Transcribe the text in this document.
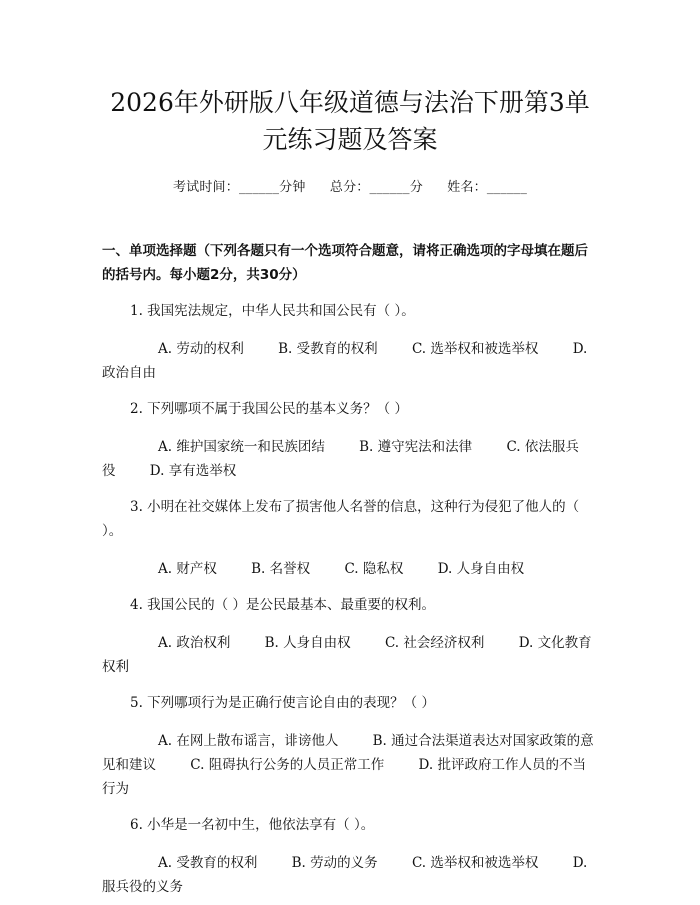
2026年外研版八年级道德与法治下册第3单
元练习题及答案
考试时间：______分钟 总分：______分 姓名：______
一、单项选择题（下列各题只有一个选项符合题意，请将正确选项的字母填在题后的括号内。每小题2分，共30分）
1. 我国宪法规定，中华人民共和国公民有（ ）。
A. 劳动的权利	B. 受教育的权利	C. 选举权和被选举权	D. 政治自由
2. 下列哪项不属于我国公民的基本义务？（ ）
A. 维护国家统一和民族团结	B. 遵守宪法和法律	C. 依法服兵役	D. 享有选举权
3. 小明在社交媒体上发布了损害他人名誉的信息，这种行为侵犯了他人的（ ）。
A. 财产权	B. 名誉权	C. 隐私权	D. 人身自由权
4. 我国公民的（ ）是公民最基本、最重要的权利。
A. 政治权利	B. 人身自由权	C. 社会经济权利	D. 文化教育权利
5. 下列哪项行为是正确行使言论自由的表现？（ ）
A. 在网上散布谣言，诽谤他人	B. 通过合法渠道表达对国家政策的意见和建议	C. 阻碍执行公务的人员正常工作	D. 批评政府工作人员的不当行为
6. 小华是一名初中生，他依法享有（ ）。
A. 受教育的权利	B. 劳动的义务	C. 选举权和被选举权	D. 服兵役的义务
